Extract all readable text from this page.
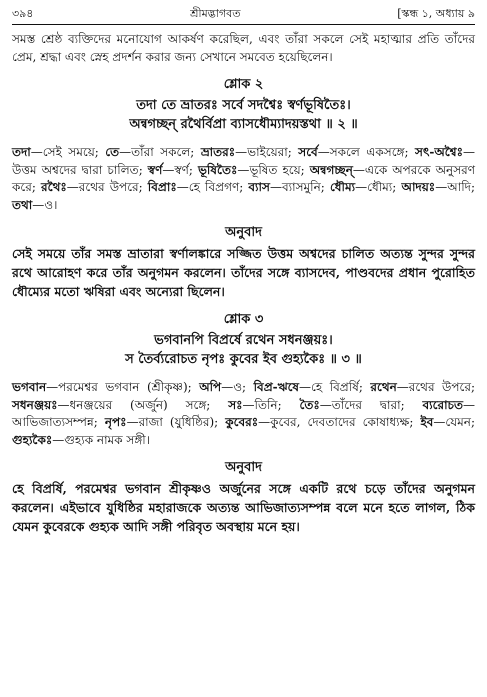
৩৯৪	শ্রীমদ্ভাগবত	[স্কন্ধ ১, অধ্যায় ৯

সমস্ত শ্রেষ্ঠ ব্যক্তিদের মনোযোগ আকর্ষণ করেছিল, এবং তাঁরা সকলে সেই মহাত্মার প্রতি তাঁদের প্রেম, শ্রদ্ধা এবং স্নেহ প্রদর্শন করার জন্য সেখানে সমবেত হয়েছিলেন।

শ্লোক ২
তদা তে ভ্রাতরঃ সর্বে সদশ্বৈঃ স্বর্ণভূষিতৈঃ।
অন্বগচ্ছন্ রথৈর্বিপ্রা ব্যাসধৌম্যাদয়স্তথা ॥ ২ ॥

তদা—সেই সময়ে; তে—তাঁরা সকলে; ভ্রাতরঃ—ভাইয়েরা; সর্বে—সকলে একসঙ্গে; সৎ-অশ্বৈঃ—উত্তম অশ্বদের দ্বারা চালিত; স্বর্ণ—স্বর্ণ; ভূষিতৈঃ—ভূষিত হয়ে; অন্বগচ্ছন্—একে অপরকে অনুসরণ করে; রথৈঃ—রথের উপরে; বিপ্রাঃ—হে বিপ্রগণ; ব্যাস—ব্যাসমুনি; ধৌম্য—ধৌম্য; আদয়ঃ—আদি; তথা—ও।

অনুবাদ

সেই সময়ে তাঁর সমস্ত ভ্রাতারা স্বর্ণালঙ্কারে সজ্জিত উত্তম অশ্বদের চালিত অত্যন্ত সুন্দর সুন্দর রথে আরোহণ করে তাঁর অনুগমন করলেন। তাঁদের সঙ্গে ব্যাসদেব, পাণ্ডবদের প্রধান পুরোহিত ধৌম্যের মতো ঋষিরা এবং অন্যেরা ছিলেন।

শ্লোক ৩
ভগবানপি বিপ্রর্ষে রথেন সধনঞ্জয়ঃ।
স তৈর্ব্যরোচত নৃপঃ কুবের ইব গুহ্যকৈঃ ॥ ৩ ॥

ভগবান—পরমেশ্বর ভগবান (শ্রীকৃষ্ণ); অপি—ও; বিপ্র-ঋষে—হে বিপ্রর্ষি; রথেন—রথের উপরে; সধনঞ্জয়ঃ—ধনঞ্জয়ের (অর্জুন) সঙ্গে; সঃ—তিনি; তৈঃ—তাঁদের দ্বারা; ব্যরোচত—আভিজাত্যসম্পন্ন; নৃপঃ—রাজা (যুধিষ্ঠির); কুবেরঃ—কুবের, দেবতাদের কোষাধ্যক্ষ; ইব—যেমন; গুহ্যকৈঃ—গুহ্যক নামক সঙ্গী।

অনুবাদ

হে বিপ্রর্ষি, পরমেশ্বর ভগবান শ্রীকৃষ্ণও অর্জুনের সঙ্গে একটি রথে চড়ে তাঁদের অনুগমন করলেন। এইভাবে যুধিষ্ঠির মহারাজকে অত্যন্ত আভিজাত্যসম্পন্ন বলে মনে হতে লাগল, ঠিক যেমন কুবেরকে গুহ্যক আদি সঙ্গী পরিবৃত অবস্থায় মনে হয়।
